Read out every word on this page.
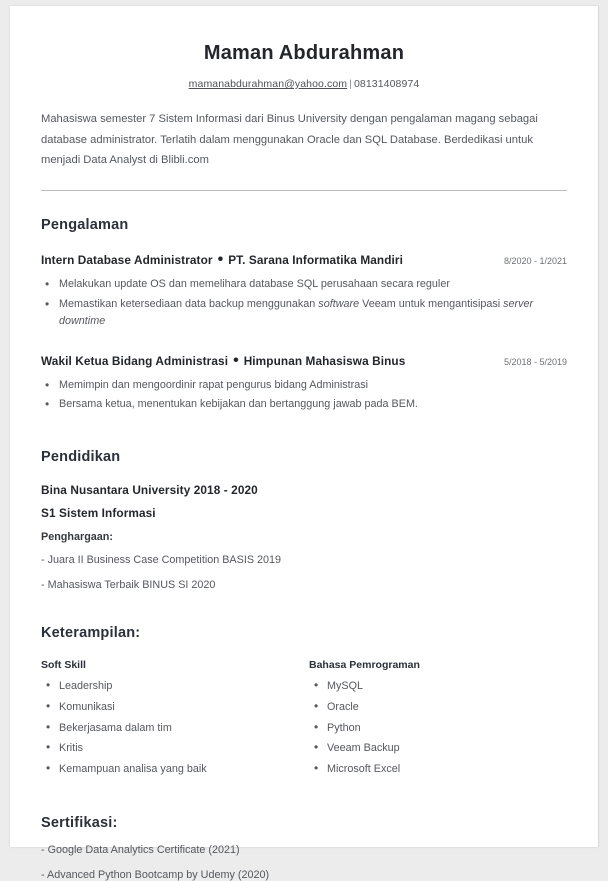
Maman Abdurahman
mamanabdurahman@yahoo.com | 08131408974
Mahasiswa semester 7 Sistem Informasi dari Binus University dengan pengalaman magang sebagai database administrator. Terlatih dalam menggunakan Oracle dan SQL Database. Berdedikasi untuk menjadi Data Analyst di Blibli.com
Pengalaman
Intern Database Administrator • PT. Sarana Informatika Mandiri	8/2020 - 1/2021
• Melakukan update OS dan memelihara database SQL perusahaan secara reguler
• Memastikan ketersediaan data backup menggunakan software Veeam untuk mengantisipasi server downtime
Wakil Ketua Bidang Administrasi • Himpunan Mahasiswa Binus	5/2018 - 5/2019
• Memimpin dan mengoordinir rapat pengurus bidang Administrasi
• Bersama ketua, menentukan kebijakan dan bertanggung jawab pada BEM.
Pendidikan
Bina Nusantara University 2018 - 2020
S1 Sistem Informasi
Penghargaan:
- Juara II Business Case Competition BASIS 2019
- Mahasiswa Terbaik BINUS SI 2020
Keterampilan:
Soft Skill
• Leadership
• Komunikasi
• Bekerjasama dalam tim
• Kritis
• Kemampuan analisa yang baik
Bahasa Pemrograman
• MySQL
• Oracle
• Python
• Veeam Backup
• Microsoft Excel
Sertifikasi:
- Google Data Analytics Certificate (2021)
- Advanced Python Bootcamp by Udemy (2020)
